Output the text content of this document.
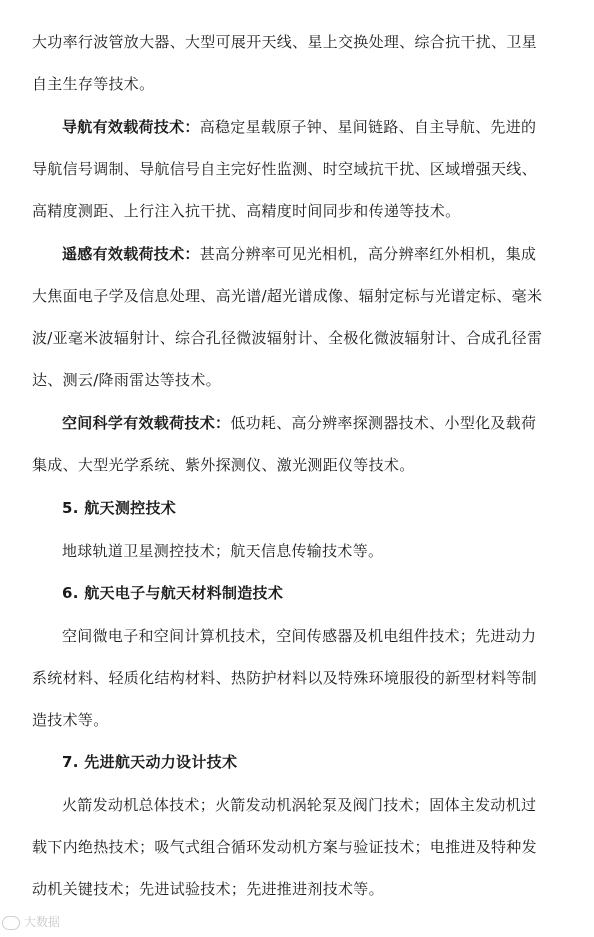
大功率行波管放大器、大型可展开天线、星上交换处理、综合抗干扰、卫星
自主生存等技术。
导航有效载荷技术：高稳定星载原子钟、星间链路、自主导航、先进的
导航信号调制、导航信号自主完好性监测、时空域抗干扰、区域增强天线、
高精度测距、上行注入抗干扰、高精度时间同步和传递等技术。
遥感有效载荷技术：甚高分辨率可见光相机，高分辨率红外相机，集成
大焦面电子学及信息处理、高光谱/超光谱成像、辐射定标与光谱定标、毫米
波/亚毫米波辐射计、综合孔径微波辐射计、全极化微波辐射计、合成孔径雷
达、测云/降雨雷达等技术。
空间科学有效载荷技术：低功耗、高分辨率探测器技术、小型化及载荷
集成、大型光学系统、紫外探测仪、激光测距仪等技术。
5. 航天测控技术
地球轨道卫星测控技术；航天信息传输技术等。
6. 航天电子与航天材料制造技术
空间微电子和空间计算机技术，空间传感器及机电组件技术；先进动力
系统材料、轻质化结构材料、热防护材料以及特殊环境服役的新型材料等制
造技术等。
7. 先进航天动力设计技术
火箭发动机总体技术；火箭发动机涡轮泵及阀门技术；固体主发动机过
载下内绝热技术；吸气式组合循环发动机方案与验证技术；电推进及特种发
动机关键技术；先进试验技术；先进推进剂技术等。
大数据
